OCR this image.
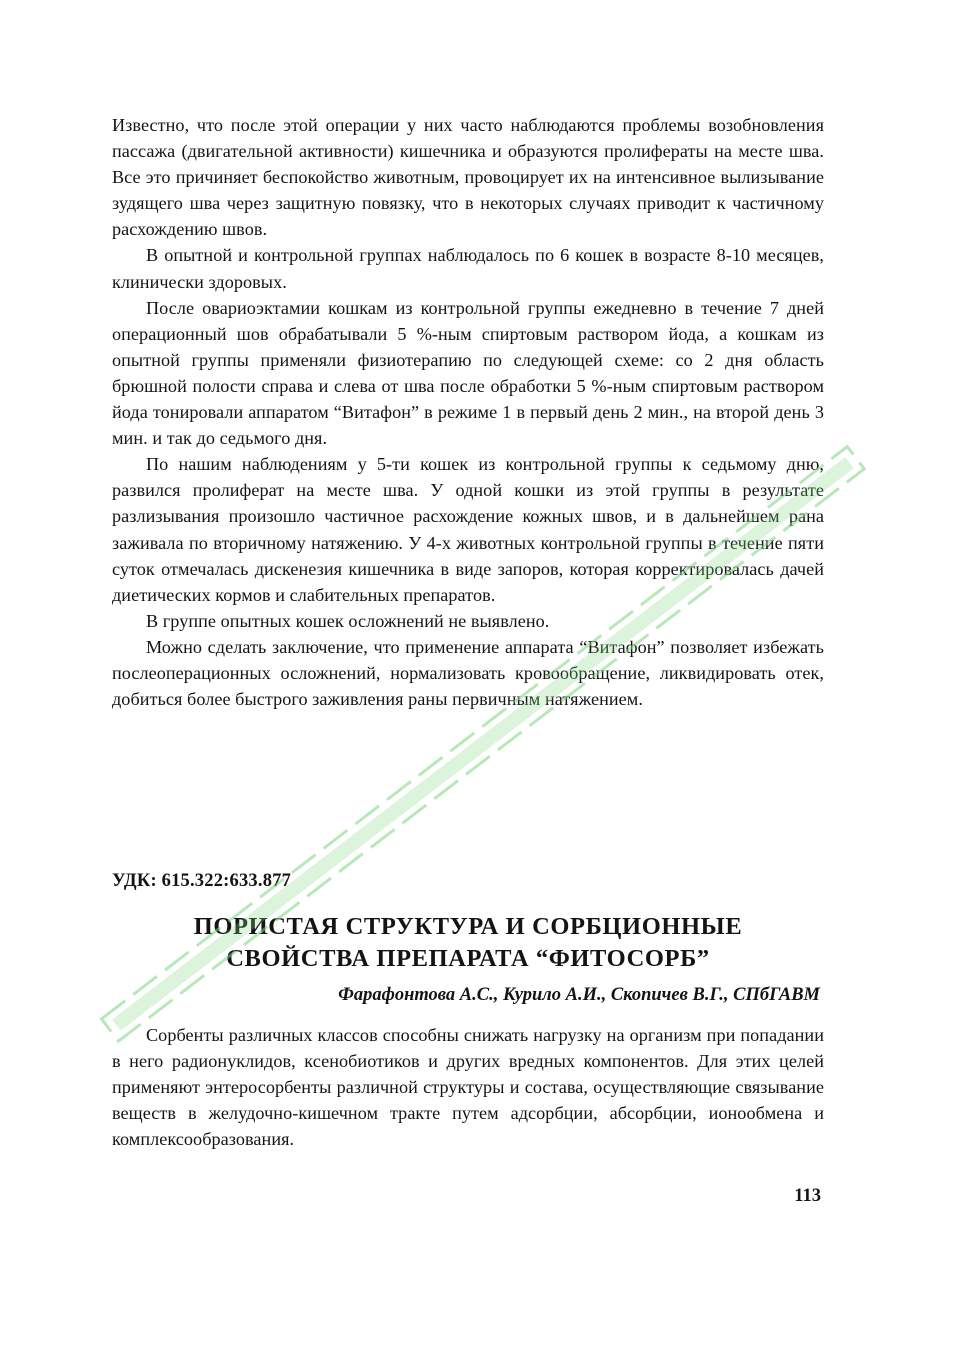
Известно, что после этой операции у них часто наблюдаются проблемы возобновления пассажа (двигательной активности) кишечника и образуются пролифераты на месте шва. Все это причиняет беспокойство животным, провоцирует их на интенсивное вылизывание зудящего шва через защитную повязку, что в некоторых случаях приводит к частичному расхождению швов.

В опытной и контрольной группах наблюдалось по 6 кошек в возрасте 8-10 месяцев, клинически здоровых.

После овариоэктамии кошкам из контрольной группы ежедневно в течение 7 дней операционный шов обрабатывали 5 %-ным спиртовым раствором йода, а кошкам из опытной группы применяли физиотерапию по следующей схеме: со 2 дня область брюшной полости справа и слева от шва после обработки 5 %-ным спиртовым раствором йода тонировали аппаратом “Витафон” в режиме 1 в первый день 2 мин., на второй день 3 мин. и так до седьмого дня.

По нашим наблюдениям у 5-ти кошек из контрольной группы к седьмому дню, развился пролиферат на месте шва. У одной кошки из этой группы в результате разлизывания произошло частичное расхождение кожных швов, и в дальнейшем рана заживала по вторичному натяжению. У 4-х животных контрольной группы в течение пяти суток отмечалась дискенезия кишечника в виде запоров, которая корректировалась дачей диетических кормов и слабительных препаратов.

В группе опытных кошек осложнений не выявлено.

Можно сделать заключение, что применение аппарата “Витафон” позволяет избежать послеоперационных осложнений, нормализовать кровообращение, ликвидировать отек, добиться более быстрого заживления раны первичным натяжением.

УДК: 615.322:633.877
ПОРИСТАЯ СТРУКТУРА И СОРБЦИОННЫЕ
СВОЙСТВА ПРЕПАРАТА “ФИТОСОРБ”
Фарафонтова А.С., Курило А.И., Скопичев В.Г., СПбГАВМ

Сорбенты различных классов способны снижать нагрузку на организм при попадании в него радионуклидов, ксенобиотиков и других вредных компонентов. Для этих целей применяют энтеросорбенты различной структуры и состава, осуществляющие связывание веществ в желудочно-кишечном тракте путем адсорбции, абсорбции, ионообмена и комплексообразования.

113
